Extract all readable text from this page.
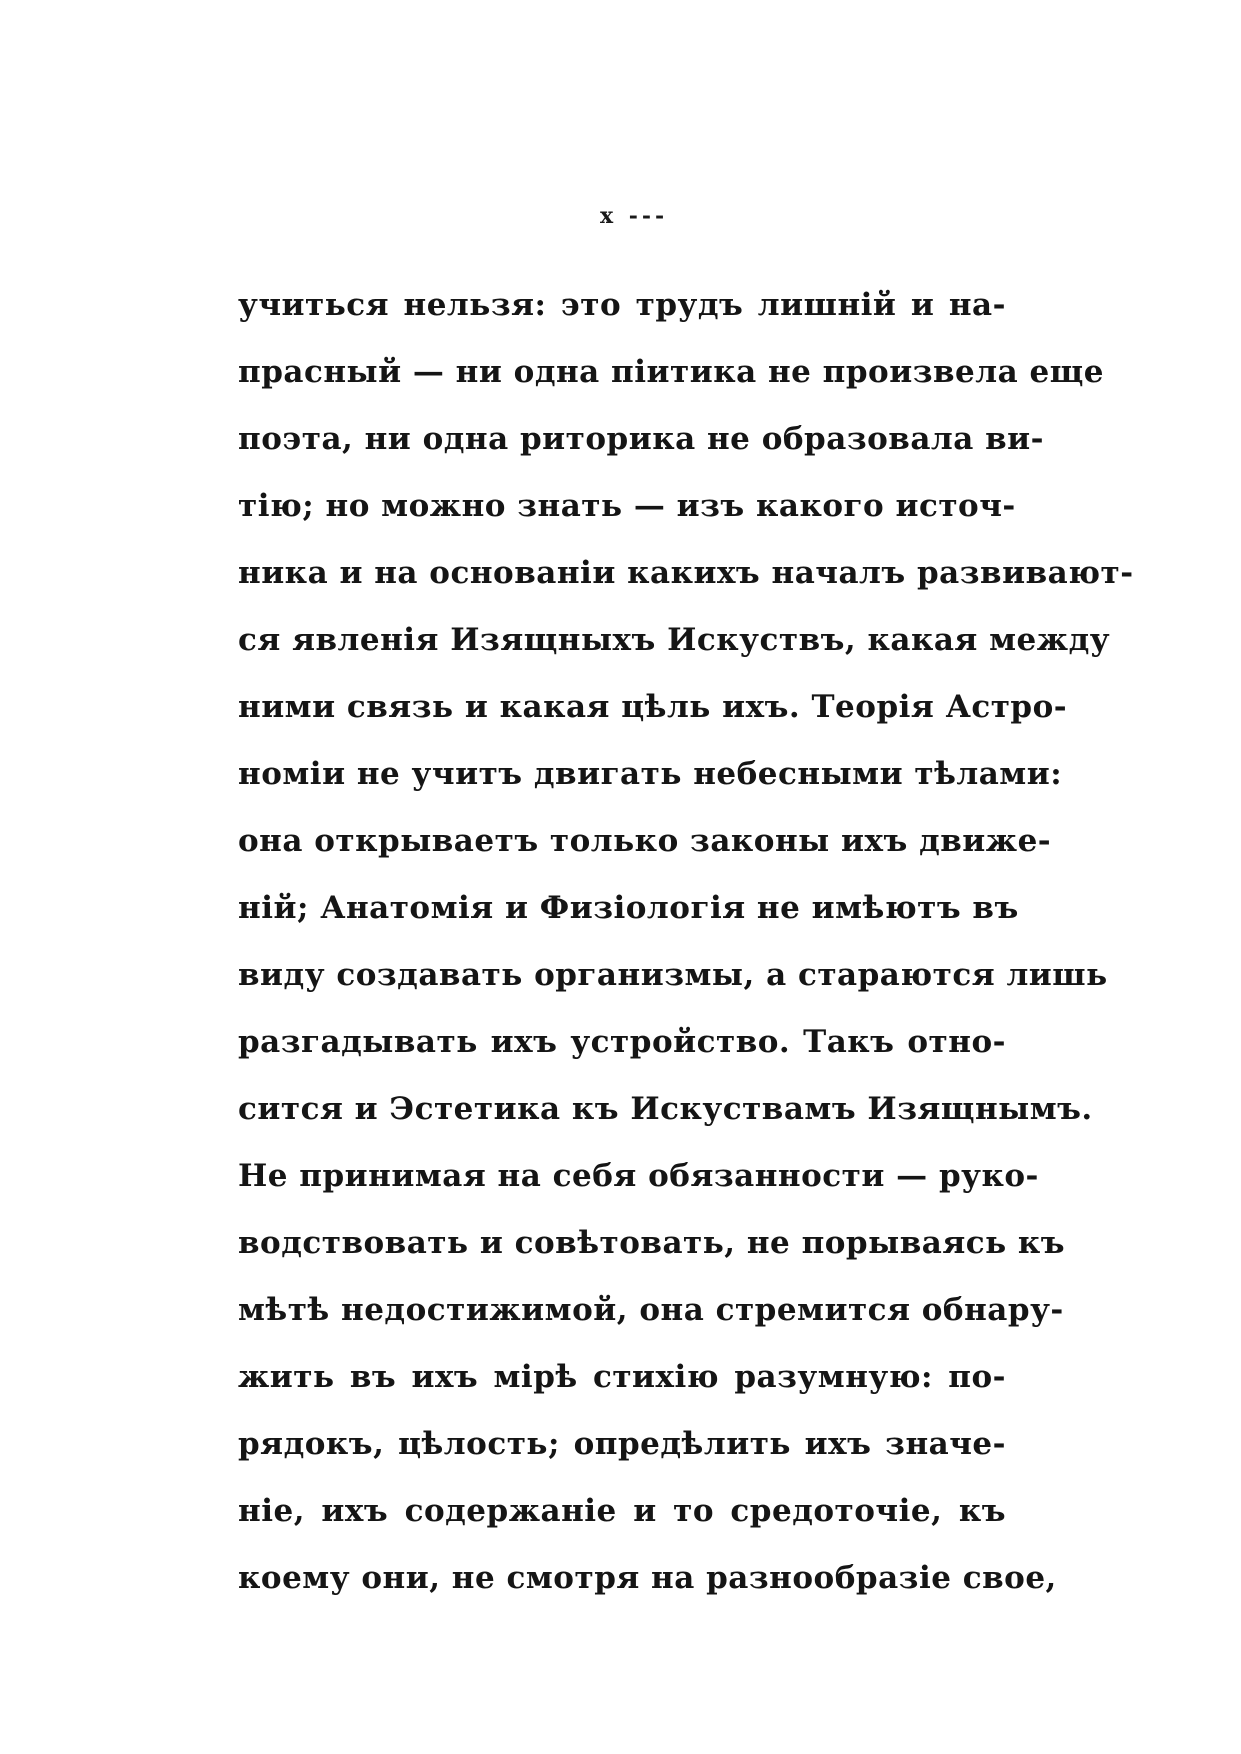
x ---
учиться нельзя: это трудъ лишній и на-
прасный — ни одна піитика не произвела еще
поэта, ни одна риторика не образовала ви-
тію; но можно знать — изъ какого источ-
ника и на основаніи какихъ началъ развивают-
ся явленія Изящныхъ Искуствъ, какая между
ними связь и какая цѣль ихъ. Теорія Астро-
номіи не учитъ двигать небесными тѣлами:
она открываетъ только законы ихъ движе-
ній; Анатомія и Физіологія не имѣютъ въ
виду создавать организмы, а стараются лишь
разгадывать ихъ устройство. Такъ отно-
сится и Эстетика къ Искуствамъ Изящнымъ.
Не принимая на себя обязанности — руко-
водствовать и совѣтовать, не порываясь къ
мѣтѣ недостижимой, она стремится обнару-
жить въ ихъ мірѣ стихію разумную: по-
рядокъ, цѣлость; опредѣлить ихъ значе-
ніе, ихъ содержаніе и то средоточіе, къ
коему они, не смотря на разнообразіе свое,
